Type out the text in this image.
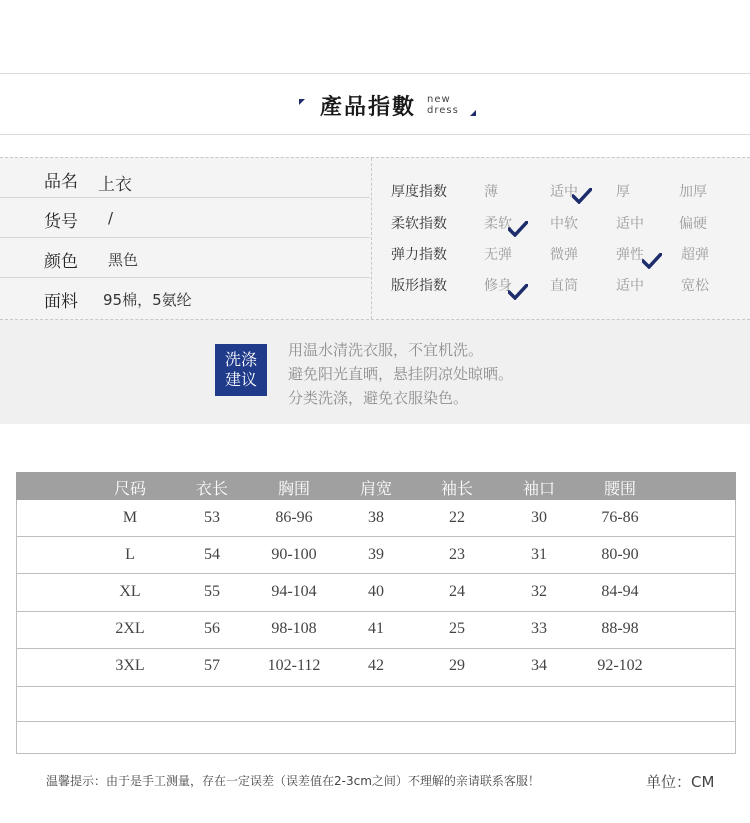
產品指數 new
dress
品名 上衣
货号 /
颜色 黑色
面料 95棉，5氨纶
厚度指数	薄	适中	厚	加厚
柔软指数	柔软	中软	适中	偏硬
弹力指数	无弹	微弹	弹性	超弹
版形指数	修身	直筒	适中	宽松
洗涤
建议
用温水清洗衣服，不宜机洗。
避免阳光直晒，悬挂阴凉处晾晒。
分类洗涤，避免衣服染色。
尺码	衣长	胸围	肩宽	袖长	袖口	腰围
M	53	86-96	38	22	30	76-86
L	54	90-100	39	23	31	80-90
XL	55	94-104	40	24	32	84-94
2XL	56	98-108	41	25	33	88-98
3XL	57	102-112	42	29	34	92-102
温馨提示：由于是手工测量，存在一定误差（误差值在2-3cm之间）不理解的亲请联系客服！	单位：CM
